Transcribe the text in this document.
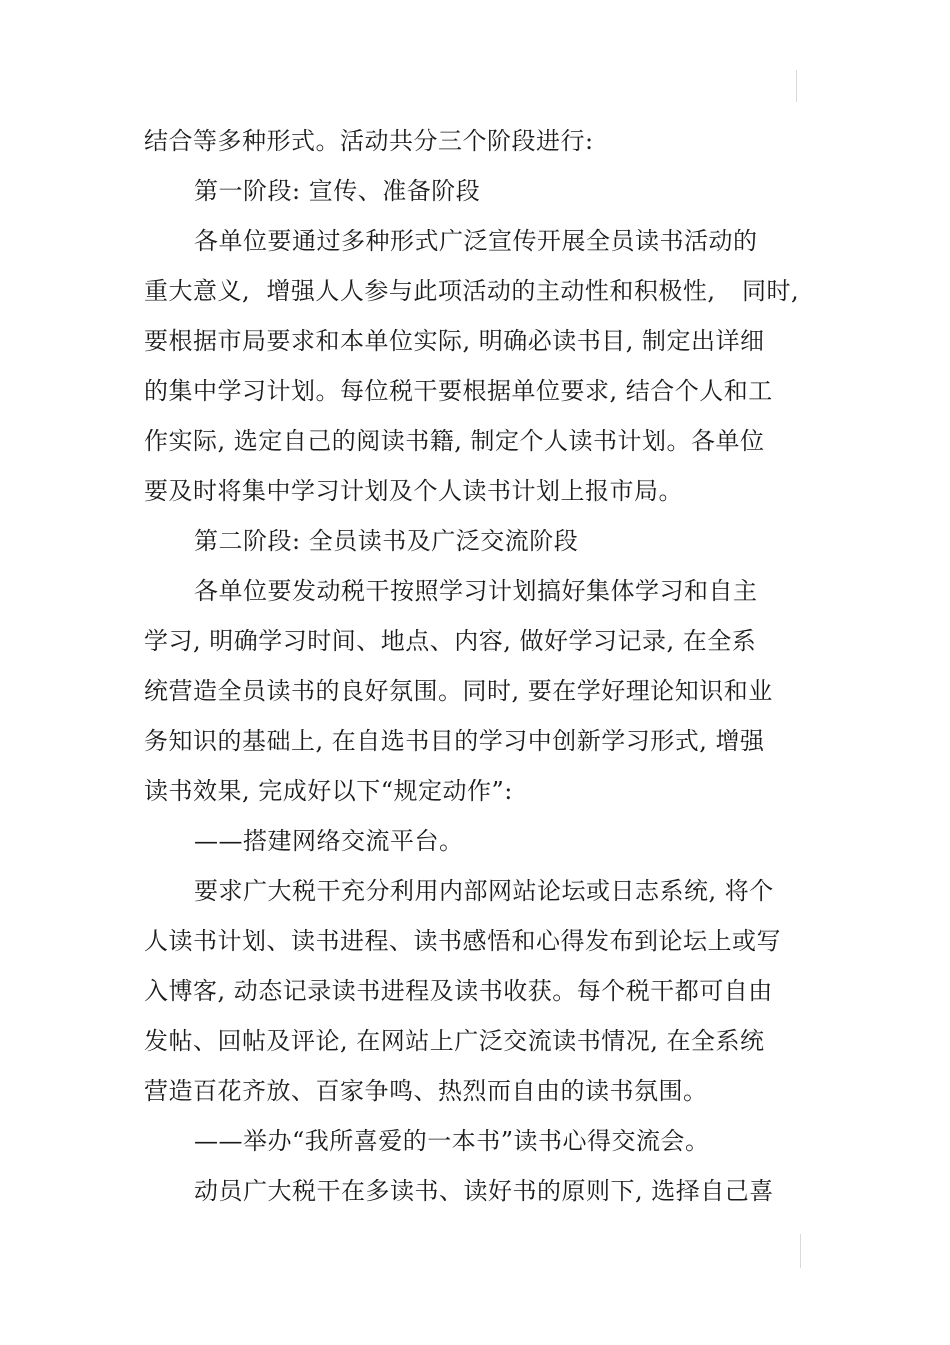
结合等多种形式。活动共分三个阶段进行:
第一阶段: 宣传、准备阶段
各单位要通过多种形式广泛宣传开展全员读书活动的
重大意义,  增强人人参与此项活动的主动性和积极性, 同时,
要根据市局要求和本单位实际, 明确必读书目, 制定出详细
的集中学习计划。每位税干要根据单位要求, 结合个人和工
作实际, 选定自己的阅读书籍, 制定个人读书计划。各单位
要及时将集中学习计划及个人读书计划上报市局。
第二阶段: 全员读书及广泛交流阶段
各单位要发动税干按照学习计划搞好集体学习和自主
学习, 明确学习时间、地点、内容, 做好学习记录, 在全系
统营造全员读书的良好氛围。同时, 要在学好理论知识和业
务知识的基础上, 在自选书目的学习中创新学习形式, 增强
读书效果, 完成好以下“规定动作”:
——搭建网络交流平台。
要求广大税干充分利用内部网站论坛或日志系统, 将个
人读书计划、读书进程、读书感悟和心得发布到论坛上或写
入博客, 动态记录读书进程及读书收获。每个税干都可自由
发帖、回帖及评论, 在网站上广泛交流读书情况, 在全系统
营造百花齐放、百家争鸣、热烈而自由的读书氛围。
——举办“我所喜爱的一本书”读书心得交流会。
动员广大税干在多读书、读好书的原则下, 选择自己喜
